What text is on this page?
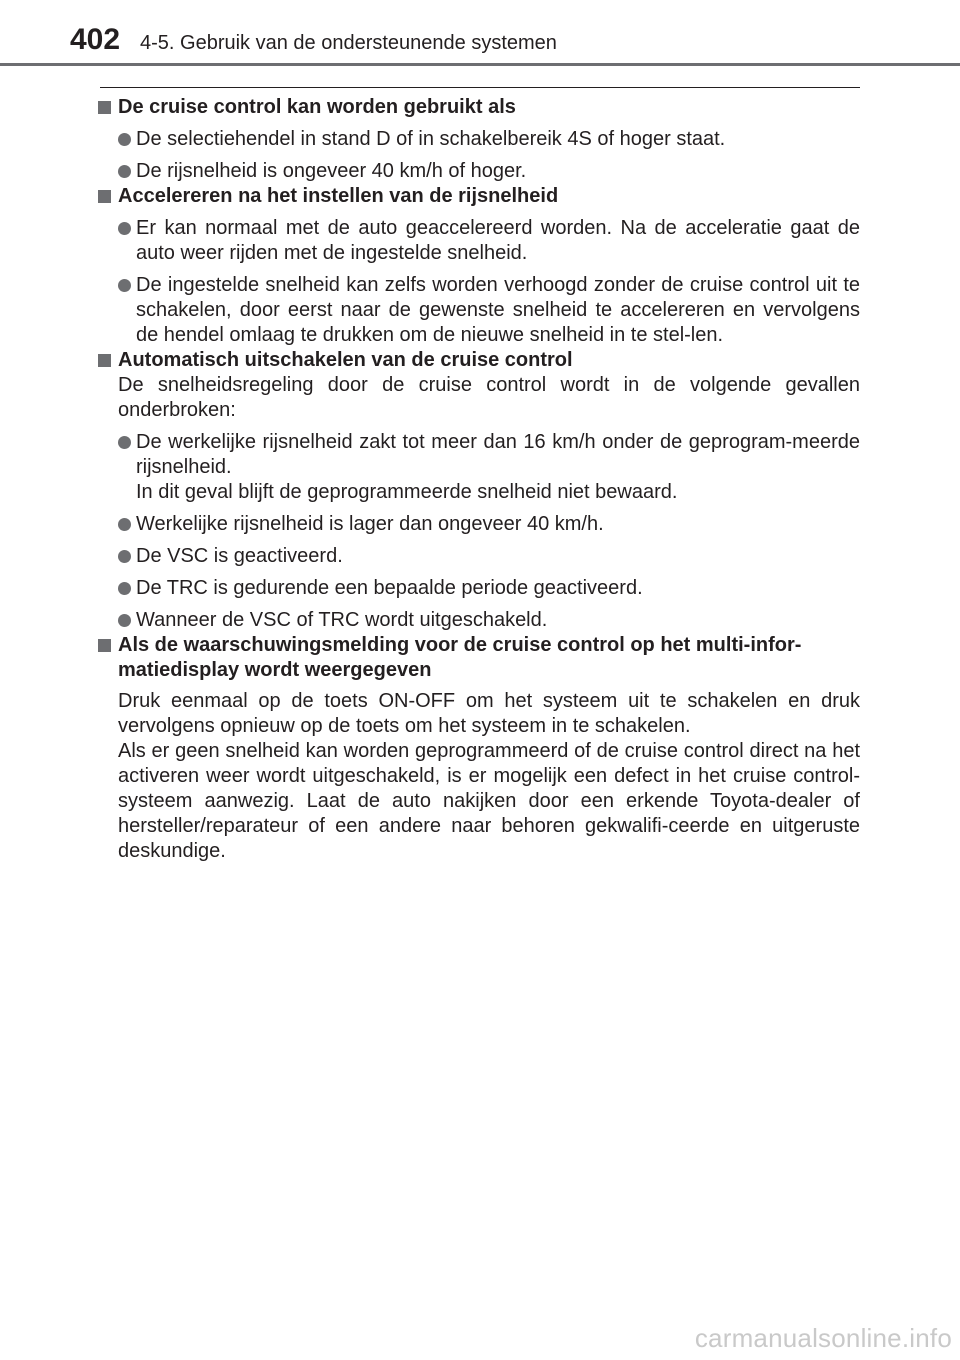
402 4-5. Gebruik van de ondersteunende systemen
De cruise control kan worden gebruikt als
De selectiehendel in stand D of in schakelbereik 4S of hoger staat.
De rijsnelheid is ongeveer 40 km/h of hoger.
Accelereren na het instellen van de rijsnelheid
Er kan normaal met de auto geaccelereerd worden. Na de acceleratie gaat de auto weer rijden met de ingestelde snelheid.
De ingestelde snelheid kan zelfs worden verhoogd zonder de cruise control uit te schakelen, door eerst naar de gewenste snelheid te accelereren en vervolgens de hendel omlaag te drukken om de nieuwe snelheid in te stel-len.
Automatisch uitschakelen van de cruise control

De snelheidsregeling door de cruise control wordt in de volgende gevallen onderbroken:

De werkelijke rijsnelheid zakt tot meer dan 16 km/h onder de geprogram-meerde rijsnelheid.
In dit geval blijft de geprogrammeerde snelheid niet bewaard.
Werkelijke rijsnelheid is lager dan ongeveer 40 km/h.
De VSC is geactiveerd.
De TRC is gedurende een bepaalde periode geactiveerd.
Wanneer de VSC of TRC wordt uitgeschakeld.
Als de waarschuwingsmelding voor de cruise control op het multi-infor-matiedisplay wordt weergegeven

Druk eenmaal op de toets ON-OFF om het systeem uit te schakelen en druk vervolgens opnieuw op de toets om het systeem in te schakelen.

Als er geen snelheid kan worden geprogrammeerd of de cruise control direct na het activeren weer wordt uitgeschakeld, is er mogelijk een defect in het cruise control-systeem aanwezig. Laat de auto nakijken door een erkende Toyota-dealer of hersteller/reparateur of een andere naar behoren gekwalifi-ceerde en uitgeruste deskundige.

carmanualsonline.info
